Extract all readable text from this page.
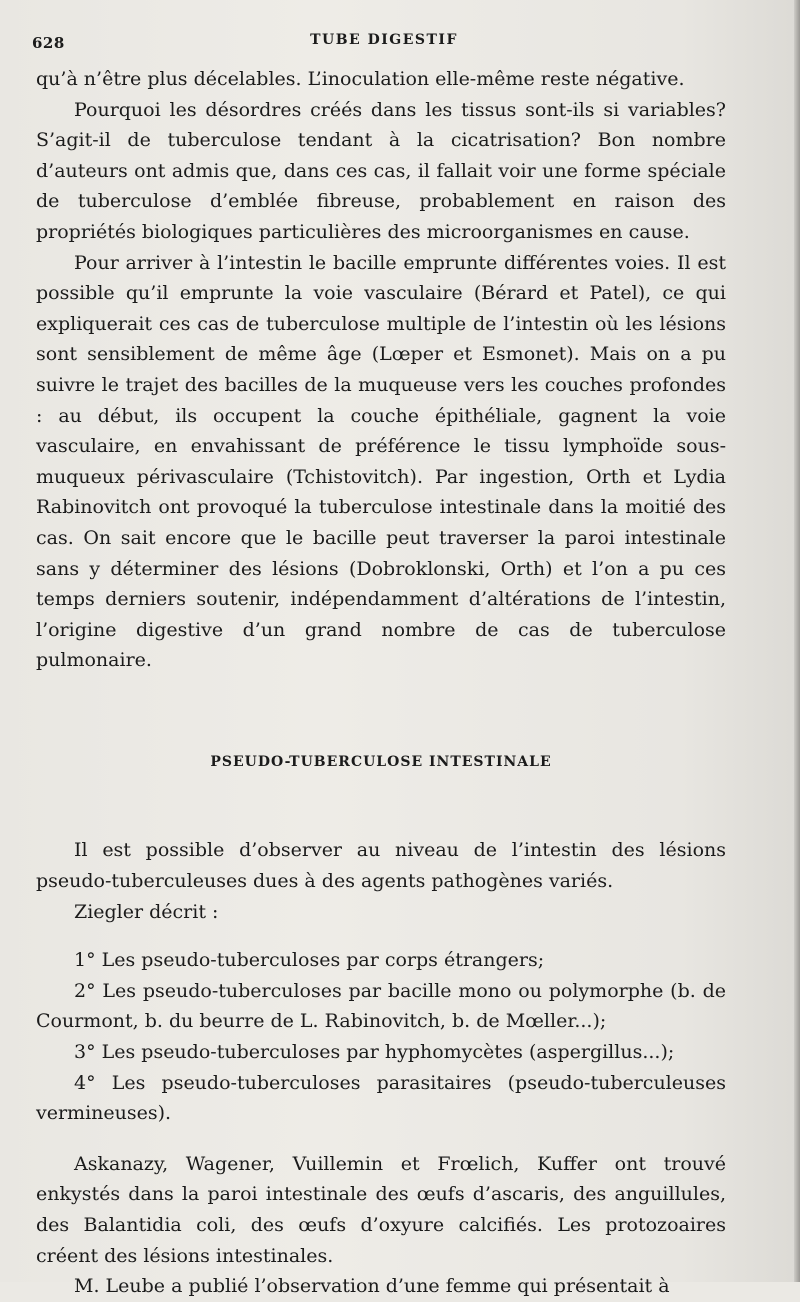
628	TUBE DIGESTIF

qu’à n’être plus décelables. L’inoculation elle-même reste négative.

Pourquoi les désordres créés dans les tissus sont-ils si variables? S’agit-il de tuberculose tendant à la cicatrisation? Bon nombre d’auteurs ont admis que, dans ces cas, il fallait voir une forme spéciale de tuberculose d’emblée fibreuse, probablement en raison des propriétés biologiques particulières des microorganismes en cause.

Pour arriver à l’intestin le bacille emprunte différentes voies. Il est possible qu’il emprunte la voie vasculaire (Bérard et Patel), ce qui expliquerait ces cas de tuberculose multiple de l’intestin où les lésions sont sensiblement de même âge (Lœper et Esmonet). Mais on a pu suivre le trajet des bacilles de la muqueuse vers les couches profondes : au début, ils occupent la couche épithéliale, gagnent la voie vasculaire, en envahissant de préférence le tissu lymphoïde sous-muqueux périvasculaire (Tchistovitch). Par ingestion, Orth et Lydia Rabinovitch ont provoqué la tuberculose intestinale dans la moitié des cas. On sait encore que le bacille peut traverser la paroi intestinale sans y déterminer des lésions (Dobroklonski, Orth) et l’on a pu ces temps derniers soutenir, indépendamment d’altérations de l’intestin, l’origine digestive d’un grand nombre de cas de tuberculose pulmonaire.

PSEUDO-TUBERCULOSE INTESTINALE

Il est possible d’observer au niveau de l’intestin des lésions pseudo-tuberculeuses dues à des agents pathogènes variés.

Ziegler décrit :

1° Les pseudo-tuberculoses par corps étrangers;

2° Les pseudo-tuberculoses par bacille mono ou polymorphe (b. de Courmont, b. du beurre de L. Rabinovitch, b. de Mœller...);

3° Les pseudo-tuberculoses par hyphomycètes (aspergillus...);

4° Les pseudo-tuberculoses parasitaires (pseudo-tuberculeuses vermineuses).

Askanazy, Wagener, Vuillemin et Frœlich, Kuffer ont trouvé enkystés dans la paroi intestinale des œufs d’ascaris, des anguillules, des Balantidia coli, des œufs d’oxyure calcifiés. Les protozoaires créent des lésions intestinales.

M. Leube a publié l’observation d’une femme qui présentait à
